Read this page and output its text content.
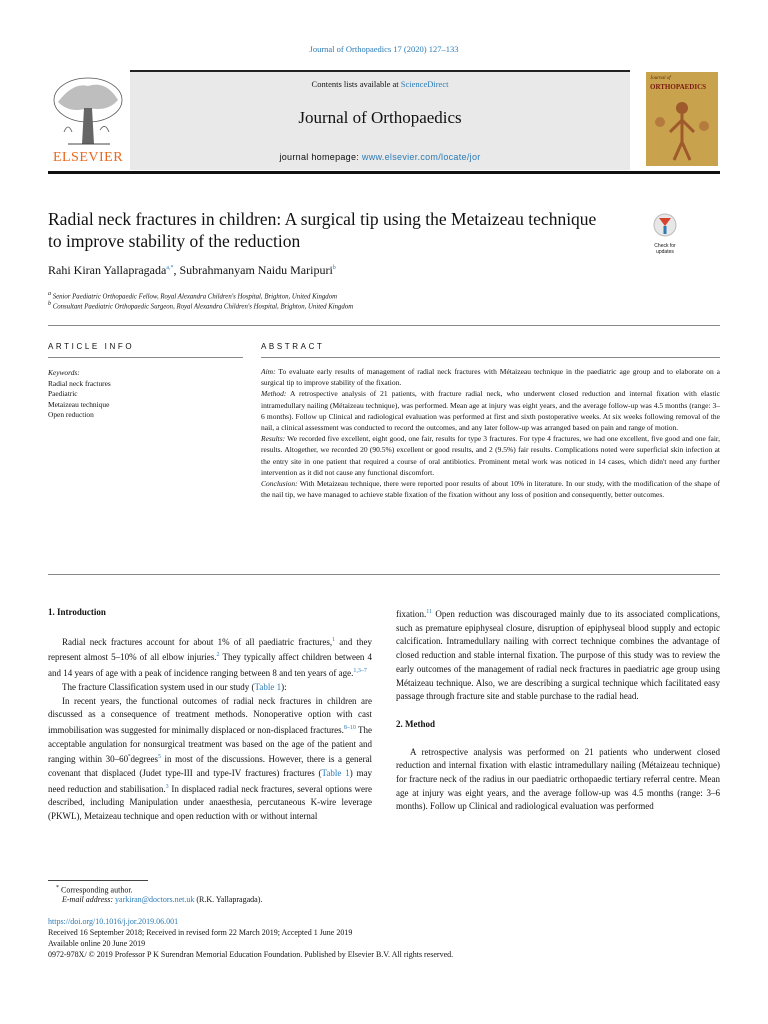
Journal of Orthopaedics 17 (2020) 127–133
ELSEVIER
Contents lists available at ScienceDirect
Journal of Orthopaedics
journal homepage: www.elsevier.com/locate/jor
Journal of
ORTHOPAEDICS
Radial neck fractures in children: A surgical tip using the Metaizeau technique to improve stability of the reduction	Check for
updates
Rahi Kiran Yallapragada$^{a,*}$, Subrahmanyam Naidu Maripuri$^b$
$^a$ Senior Paediatric Orthopaedic Fellow, Royal Alexandra Children's Hospital, Brighton, United Kingdom
$^b$ Consultant Paediatric Orthopaedic Surgeon, Royal Alexandra Children's Hospital, Brighton, United Kingdom
ARTICLE INFO	ABSTRACT
Keywords:
Radial neck fractures
Paediatric
Metaizeau technique
Open reduction
Aim: To evaluate early results of management of radial neck fractures with Métaizeau technique in the paediatric age group and to elaborate on a surgical tip to improve stability of the fixation.
Method: A retrospective analysis of 21 patients, with fracture radial neck, who underwent closed reduction and internal fixation with elastic intramedullary nailing (Métaizeau technique), was performed. Mean age at injury was eight years, and the average follow-up was 4.5 months (range: 3–6 months). Follow up Clinical and radiological evaluation was performed at first and sixth postoperative weeks. At six weeks following removal of the nail, a clinical assessment was conducted to record the outcomes, and any later follow-up was arranged based on pain and range of motion.
Results: We recorded five excellent, eight good, one fair, results for type 3 fractures. For type 4 fractures, we had one excellent, five good and one fair, results. Altogether, we recorded 20 (90.5%) excellent or good results, and 2 (9.5%) fair results. Complications noted were superficial skin infection at the entry site in one patient that required a course of oral antibiotics. Prominent metal work was noticed in 14 cases, which didn't need any further intervention as it did not cause any functional discomfort.
Conclusion: With Metaizeau technique, there were reported poor results of about 10% in literature. In our study, with the modification of the shape of the nail tip, we have managed to achieve stable fixation of the fixation without any loss of position and consequently, better outcomes.
1. Introduction

Radial neck fractures account for about 1% of all paediatric fractures,$^1$ and they represent almost 5–10% of all elbow injuries.$^2$ They typically affect children between 4 and 14 years of age with a peak of incidence ranging between 8 and ten years of age.$^{1,3-7}$

The fracture Classification system used in our study (Table 1):

In recent years, the functional outcomes of radial neck fractures in children are discussed as a consequence of treatment methods. Nonoperative option with cast immobilisation was suggested for minimally displaced or non-displaced fractures.$^{8-10}$ The acceptable angulation for nonsurgical treatment was based on the age of the patient and ranging within 30–60°degrees$^5$ in most of the discussions. However, there is a general covenant that displaced (Judet type-III and type-IV fractures) fractures (Table 1) may need reduction and stabilisation.$^3$ In displaced radial neck fractures, several options were described, including Manipulation under anaesthesia, percutaneous K-wire leverage (PKWL), Metaizeau technique and open reduction with or without internal

fixation.$^{11}$ Open reduction was discouraged mainly due to its associated complications, such as premature epiphyseal closure, disruption of epiphyseal blood supply and ectopic calcification. Intramedullary nailing with correct technique combines the advantage of closed reduction and stable internal fixation. The purpose of this study was to review the early outcomes of the management of radial neck fractures in paediatric age group using Métaizeau technique. Also, we are describing a surgical technique which facilitated easy passage through fracture site and stable purchase to the radial head.

2. Method

A retrospective analysis was performed on 21 patients who underwent closed reduction and internal fixation with elastic intramedullary nailing (Métaizeau technique) for fracture neck of the radius in our paediatric orthopaedic tertiary referral centre. Mean age at injury was eight years, and the average follow-up was 4.5 months (range: 3–6 months). Follow up Clinical and radiological evaluation was performed

* Corresponding author.
E-mail address: yarkiran@doctors.net.uk (R.K. Yallapragada).
https://doi.org/10.1016/j.jor.2019.06.001
Received 16 September 2018; Received in revised form 22 March 2019; Accepted 1 June 2019
Available online 20 June 2019
0972-978X/ © 2019 Professor P K Surendran Memorial Education Foundation. Published by Elsevier B.V. All rights reserved.
